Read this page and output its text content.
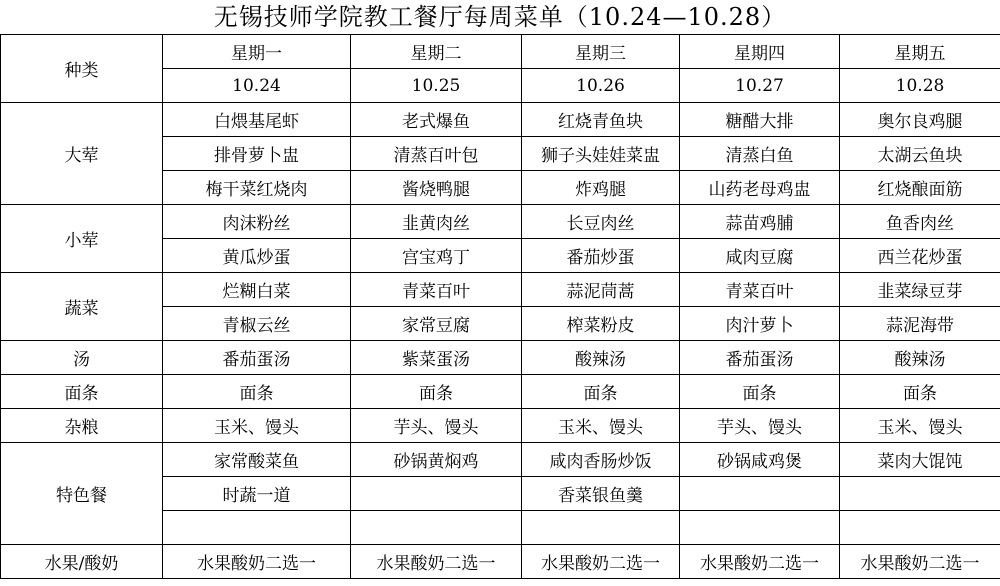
无锡技师学院教工餐厅每周菜单（10.24—10.28）
种类	星期一	星期二	星期三	星期四	星期五
	10.24	10.25	10.26	10.27	10.28
大荤	白煨基尾虾	老式爆鱼	红烧青鱼块	糖醋大排	奥尔良鸡腿
	排骨萝卜盅	清蒸百叶包	狮子头娃娃菜盅	清蒸白鱼	太湖云鱼块
	梅干菜红烧肉	酱烧鸭腿	炸鸡腿	山药老母鸡盅	红烧酿面筋
小荤	肉沫粉丝	韭黄肉丝	长豆肉丝	蒜苗鸡脯	鱼香肉丝
	黄瓜炒蛋	宫宝鸡丁	番茄炒蛋	咸肉豆腐	西兰花炒蛋
蔬菜	烂糊白菜	青菜百叶	蒜泥茼蒿	青菜百叶	韭菜绿豆芽
	青椒云丝	家常豆腐	榨菜粉皮	肉汁萝卜	蒜泥海带
汤	番茄蛋汤	紫菜蛋汤	酸辣汤	番茄蛋汤	酸辣汤
面条	面条	面条	面条	面条	面条
杂粮	玉米、馒头	芋头、馒头	玉米、馒头	芋头、馒头	玉米、馒头
特色餐	家常酸菜鱼	砂锅黄焖鸡	咸肉香肠炒饭	砂锅咸鸡煲	菜肉大馄饨
	时蔬一道		香菜银鱼羹		

水果/酸奶	水果酸奶二选一	水果酸奶二选一	水果酸奶二选一	水果酸奶二选一	水果酸奶二选一
